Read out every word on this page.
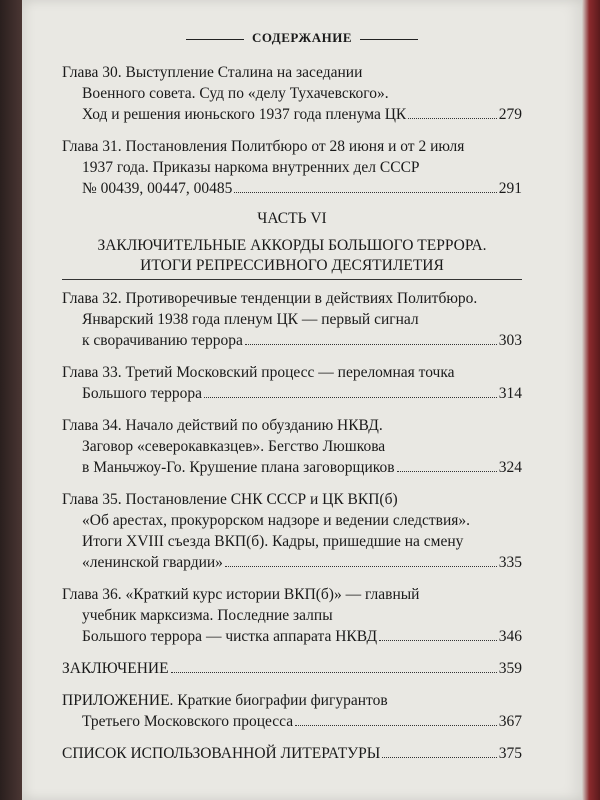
СОДЕРЖАНИЕ
Глава 30. Выступление Сталина на заседании
Военного совета. Суд по «делу Тухачевского».
Ход и решения июньского 1937 года пленума ЦК	279
Глава 31. Постановления Политбюро от 28 июня и от 2 июля
1937 года. Приказы наркома внутренних дел СССР
№ 00439, 00447, 00485	291
ЧАСТЬ VI
ЗАКЛЮЧИТЕЛЬНЫЕ АККОРДЫ БОЛЬШОГО ТЕРРОРА.
ИТОГИ РЕПРЕССИВНОГО ДЕСЯТИЛЕТИЯ
Глава 32. Противоречивые тенденции в действиях Политбюро.
Январский 1938 года пленум ЦК — первый сигнал
к сворачиванию террора	303
Глава 33. Третий Московский процесс — переломная точка
Большого террора	314
Глава 34. Начало действий по обузданию НКВД.
Заговор «северокавказцев». Бегство Люшкова
в Маньчжоу-Го. Крушение плана заговорщиков	324
Глава 35. Постановление СНК СССР и ЦК ВКП(б)
«Об арестах, прокурорском надзоре и ведении следствия».
Итоги XVIII съезда ВКП(б). Кадры, пришедшие на смену
«ленинской гвардии»	335
Глава 36. «Краткий курс истории ВКП(б)» — главный
учебник марксизма. Последние залпы
Большого террора — чистка аппарата НКВД	346
ЗАКЛЮЧЕНИЕ	359
ПРИЛОЖЕНИЕ. Краткие биографии фигурантов
Третьего Московского процесса	367
СПИСОК ИСПОЛЬЗОВАННОЙ ЛИТЕРАТУРЫ	375
